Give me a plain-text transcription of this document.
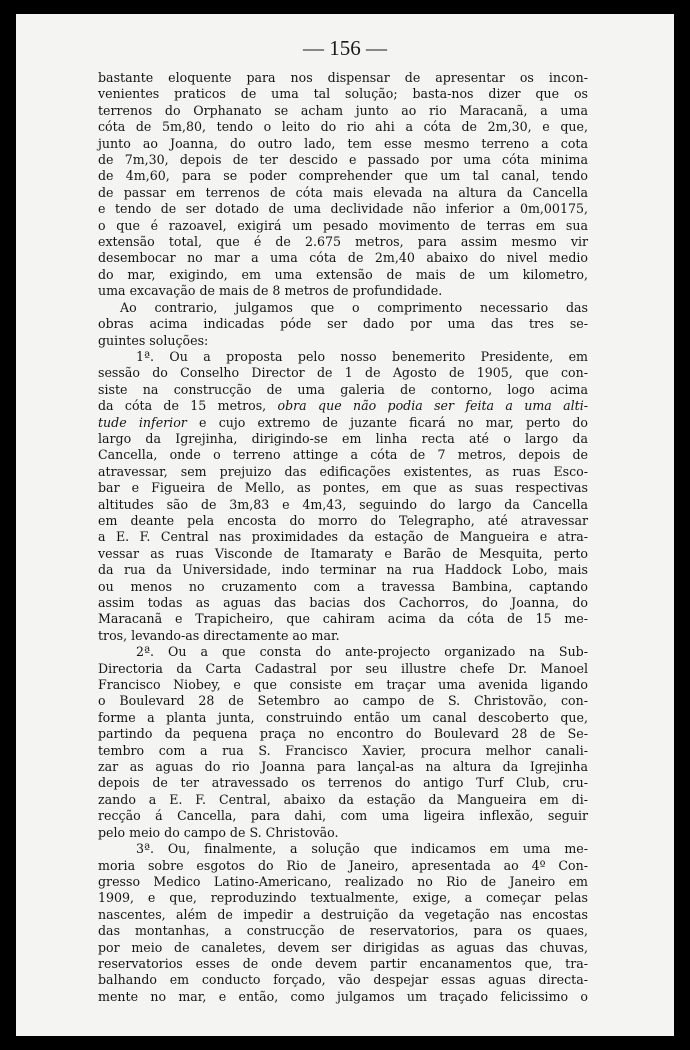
— 156 —

bastante eloquente para nos dispensar de apresentar os incon-

venientes praticos de uma tal solução; basta-nos dizer que os

terrenos do Orphanato se acham junto ao rio Maracanã, a uma

cóta de 5m,80, tendo o leito do rio ahi a cóta de 2m,30, e que,

junto ao Joanna, do outro lado, tem esse mesmo terreno a cota

de 7m,30, depois de ter descido e passado por uma cóta minima

de 4m,60, para se poder comprehender que um tal canal, tendo

de passar em terrenos de cóta mais elevada na altura da Cancella

e tendo de ser dotado de uma declividade não inferior a 0m,00175,

o que é razoavel, exigirá um pesado movimento de terras em sua

extensão total, que é de 2.675 metros, para assim mesmo vir

desembocar no mar a uma cóta de 2m,40 abaixo do nivel medio

do mar, exigindo, em uma extensão de mais de um kilometro,

uma excavação de mais de 8 metros de profundidade.

Ao contrario, julgamos que o comprimento necessario das

obras acima indicadas póde ser dado por uma das tres se-

guintes soluções:

1ª. Ou a proposta pelo nosso benemerito Presidente, em

sessão do Conselho Director de 1 de Agosto de 1905, que con-

siste na construcção de uma galeria de contorno, logo acima

da cóta de 15 metros, obra que não podia ser feita a uma alti-

tude inferior e cujo extremo de juzante ficará no mar, perto do

largo da Igrejinha, dirigindo-se em linha recta até o largo da

Cancella, onde o terreno attinge a cóta de 7 metros, depois de

atravessar, sem prejuizo das edificações existentes, as ruas Esco-

bar e Figueira de Mello, as pontes, em que as suas respectivas

altitudes são de 3m,83 e 4m,43, seguindo do largo da Cancella

em deante pela encosta do morro do Telegrapho, até atravessar

a E. F. Central nas proximidades da estação de Mangueira e atra-

vessar as ruas Visconde de Itamaraty e Barão de Mesquita, perto

da rua da Universidade, indo terminar na rua Haddock Lobo, mais

ou menos no cruzamento com a travessa Bambina, captando

assim todas as aguas das bacias dos Cachorros, do Joanna, do

Maracanã e Trapicheiro, que cahiram acima da cóta de 15 me-

tros, levando-as directamente ao mar.

2ª. Ou a que consta do ante-projecto organizado na Sub-

Directoria da Carta Cadastral por seu illustre chefe Dr. Manoel

Francisco Niobey, e que consiste em traçar uma avenida ligando

o Boulevard 28 de Setembro ao campo de S. Christovão, con-

forme a planta junta, construindo então um canal descoberto que,

partindo da pequena praça no encontro do Boulevard 28 de Se-

tembro com a rua S. Francisco Xavier, procura melhor canali-

zar as aguas do rio Joanna para lançal-as na altura da Igrejinha

depois de ter atravessado os terrenos do antigo Turf Club, cru-

zando a E. F. Central, abaixo da estação da Mangueira em di-

recção á Cancella, para dahi, com uma ligeira inflexão, seguir

pelo meio do campo de S. Christovão.

3ª. Ou, finalmente, a solução que indicamos em uma me-

moria sobre esgotos do Rio de Janeiro, apresentada ao 4º Con-

gresso Medico Latino-Americano, realizado no Rio de Janeiro em

1909, e que, reproduzindo textualmente, exige, a começar pelas

nascentes, além de impedir a destruição da vegetação nas encostas

das montanhas, a construcção de reservatorios, para os quaes,

por meio de canaletes, devem ser dirigidas as aguas das chuvas,

reservatorios esses de onde devem partir encanamentos que, tra-

balhando em conducto forçado, vão despejar essas aguas directa-

mente no mar, e então, como julgamos um traçado felicissimo o
